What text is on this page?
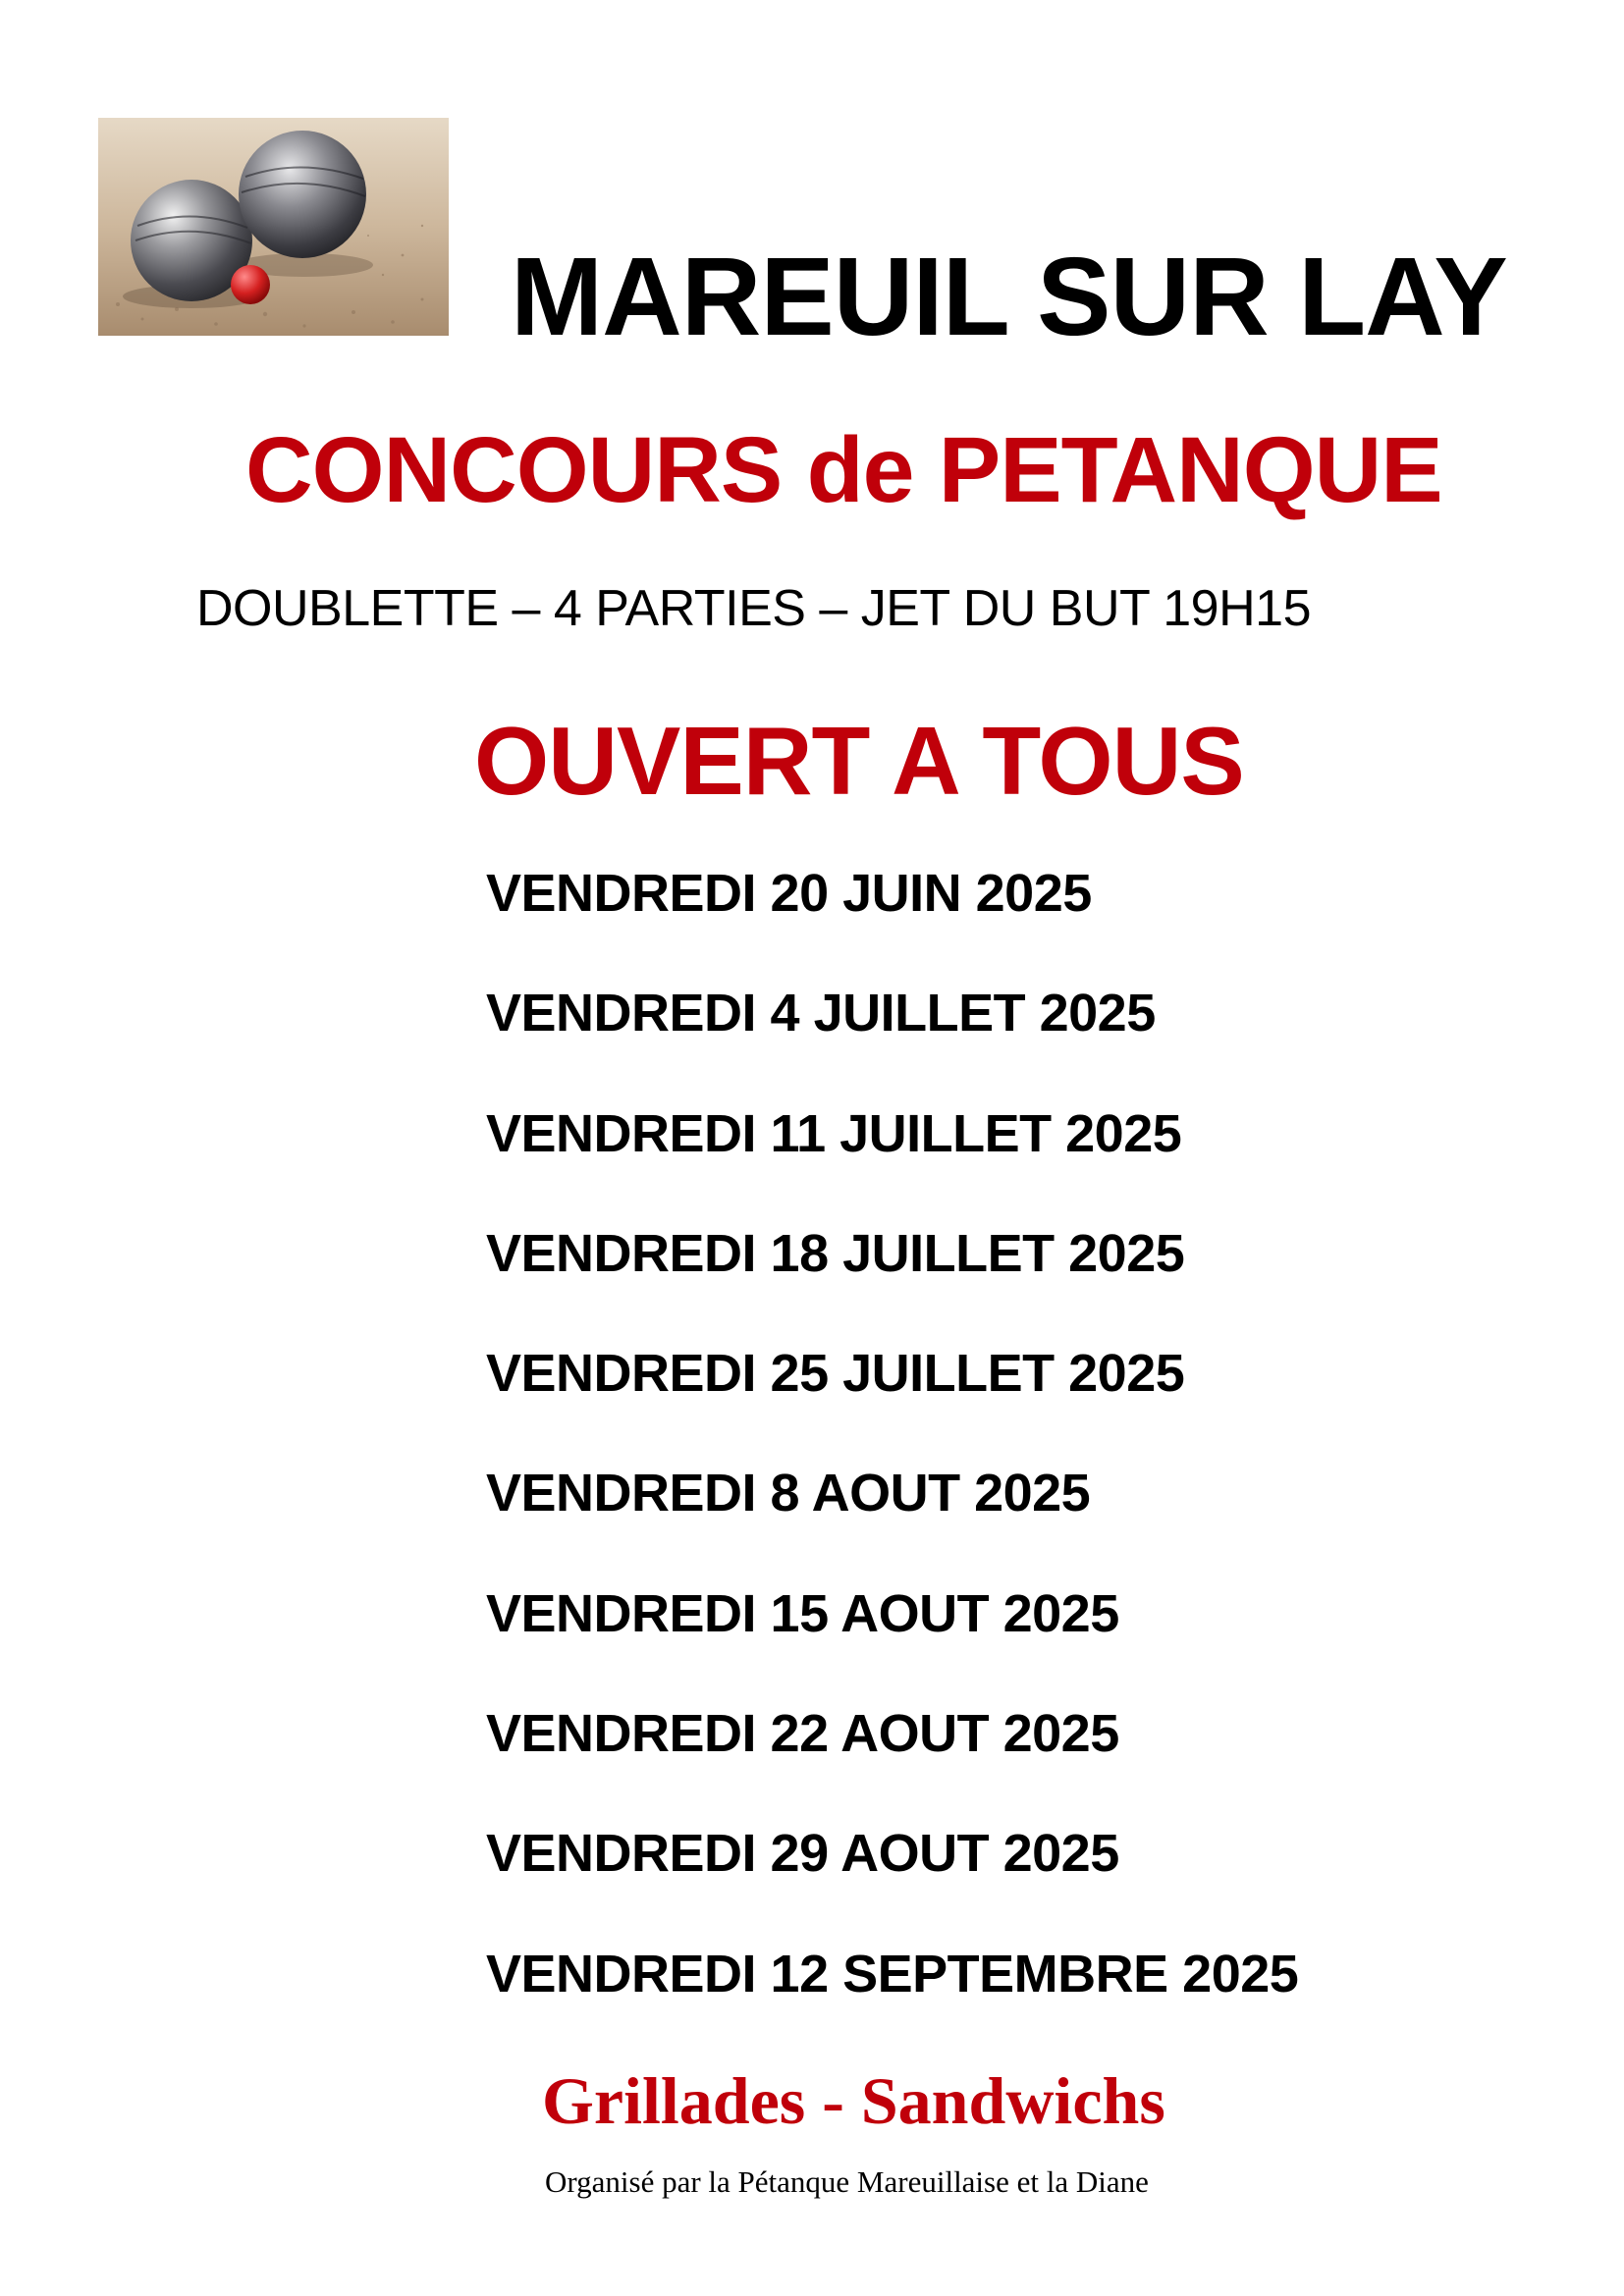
MAREUIL SUR LAY
CONCOURS de PETANQUE

DOUBLETTE – 4 PARTIES – JET DU BUT 19H15

OUVERT A TOUS
VENDREDI 20 JUIN 2025
VENDREDI 4 JUILLET 2025
VENDREDI 11 JUILLET 2025
VENDREDI 18 JUILLET 2025
VENDREDI 25 JUILLET 2025
VENDREDI 8 AOUT 2025
VENDREDI 15 AOUT 2025
VENDREDI 22 AOUT 2025
VENDREDI 29 AOUT 2025
VENDREDI 12 SEPTEMBRE 2025

Grillades - Sandwichs

Organisé par la Pétanque Mareuillaise et la Diane
